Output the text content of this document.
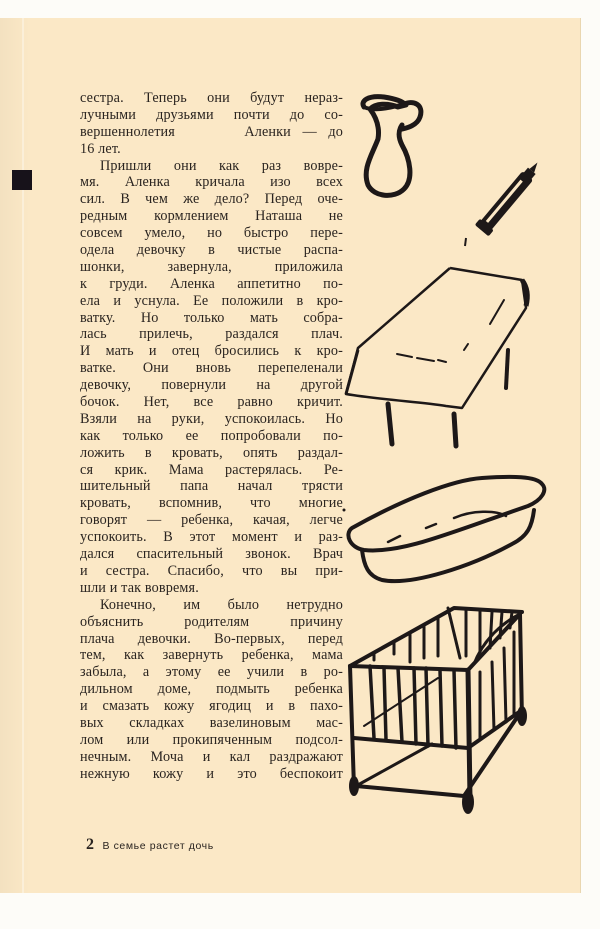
сестра. Теперь они будут нераз-
лучными друзьями почти до со-
вершеннолетия      Аленки — до
16 лет.
Пришли они как раз вовре-
мя. Аленка кричала изо всех
сил. В чем же дело? Перед оче-
редным кормлением Наташа не
совсем умело, но быстро пере-
одела девочку в чистые распа-
шонки, завернула, приложила
к груди. Аленка аппетитно по-
ела и уснула. Ее положили в кро-
ватку. Но только мать собра-
лась прилечь, раздался плач.
И мать и отец бросились к кро-
ватке. Они вновь перепеленали
девочку, повернули на другой
бочок. Нет, все равно кричит.
Взяли на руки, успокоилась. Но
как только ее попробовали по-
ложить в кровать, опять раздал-
ся крик. Мама растерялась. Ре-
шительный папа начал трясти
кровать, вспомнив, что многие
говорят — ребенка, качая, легче
успокоить. В этот момент и раз-
дался спасительный звонок. Врач
и сестра. Спасибо, что вы при-
шли и так вовремя.
Конечно, им было нетрудно
объяснить родителям причину
плача девочки. Во-первых, перед
тем, как завернуть ребенка, мама
забыла, а этому ее учили в ро-
дильном доме, подмыть ребенка
и смазать кожу ягодиц и в пахо-
вых складках вазелиновым мас-
лом или прокипяченным подсол-
нечным. Моча и кал раздражают
нежную кожу и это беспокоит
2 В семье растет дочь
